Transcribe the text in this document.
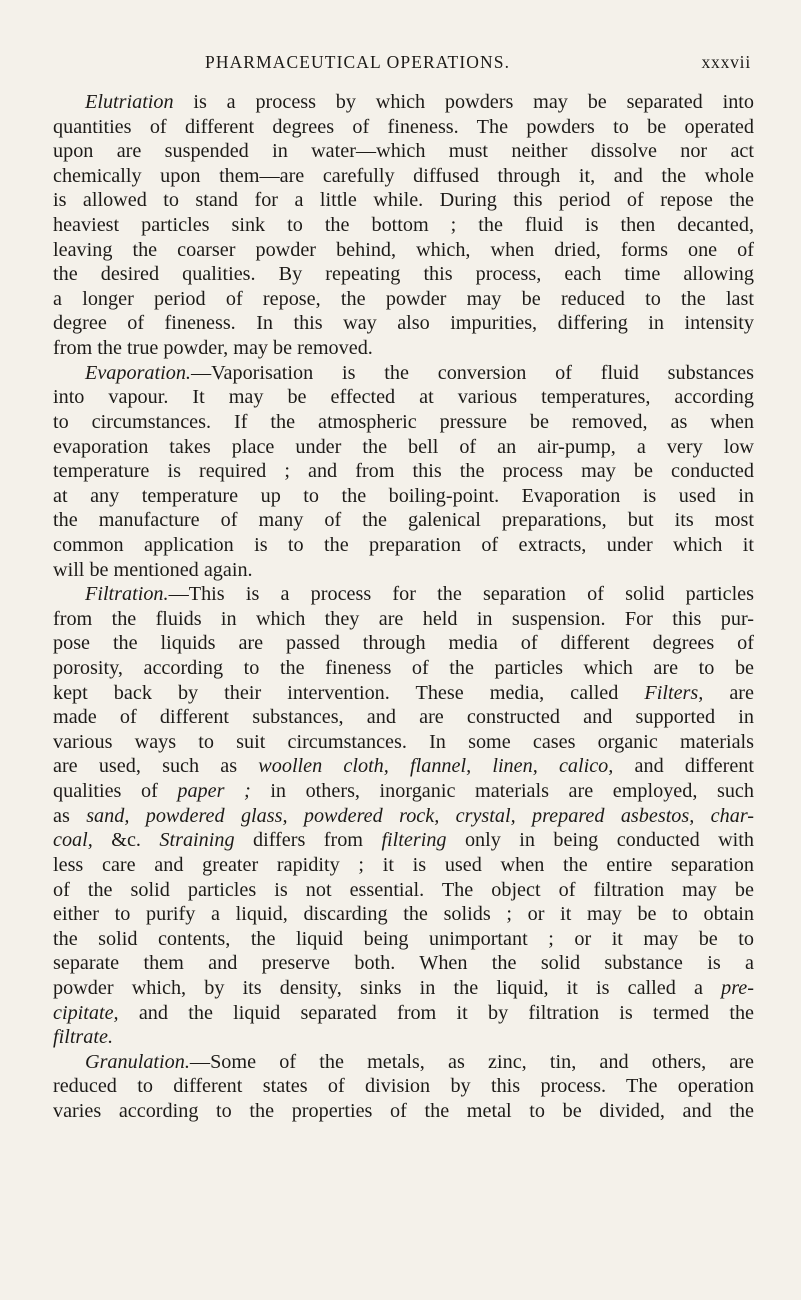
PHARMACEUTICAL OPERATIONS.	xxxvii
Elutriation is a process by which powders may be separated into
quantities of different degrees of fineness. The powders to be operated
upon are suspended in water—which must neither dissolve nor act
chemically upon them—are carefully diffused through it, and the whole
is allowed to stand for a little while. During this period of repose the
heaviest particles sink to the bottom ; the fluid is then decanted,
leaving the coarser powder behind, which, when dried, forms one of
the desired qualities. By repeating this process, each time allowing
a longer period of repose, the powder may be reduced to the last
degree of fineness. In this way also impurities, differing in intensity
from the true powder, may be removed.
Evaporation.—Vaporisation is the conversion of fluid substances
into vapour. It may be effected at various temperatures, according
to circumstances. If the atmospheric pressure be removed, as when
evaporation takes place under the bell of an air-pump, a very low
temperature is required ; and from this the process may be conducted
at any temperature up to the boiling-point. Evaporation is used in
the manufacture of many of the galenical preparations, but its most
common application is to the preparation of extracts, under which it
will be mentioned again.
Filtration.—This is a process for the separation of solid particles
from the fluids in which they are held in suspension. For this pur-
pose the liquids are passed through media of different degrees of
porosity, according to the fineness of the particles which are to be
kept back by their intervention. These media, called Filters, are
made of different substances, and are constructed and supported in
various ways to suit circumstances. In some cases organic materials
are used, such as woollen cloth, flannel, linen, calico, and different
qualities of paper ; in others, inorganic materials are employed, such
as sand, powdered glass, powdered rock, crystal, prepared asbestos, char-
coal, &c. Straining differs from filtering only in being conducted with
less care and greater rapidity ; it is used when the entire separation
of the solid particles is not essential. The object of filtration may be
either to purify a liquid, discarding the solids ; or it may be to obtain
the solid contents, the liquid being unimportant ; or it may be to
separate them and preserve both. When the solid substance is a
powder which, by its density, sinks in the liquid, it is called a pre-
cipitate, and the liquid separated from it by filtration is termed the
filtrate.
Granulation.—Some of the metals, as zinc, tin, and others, are
reduced to different states of division by this process. The operation
varies according to the properties of the metal to be divided, and the
